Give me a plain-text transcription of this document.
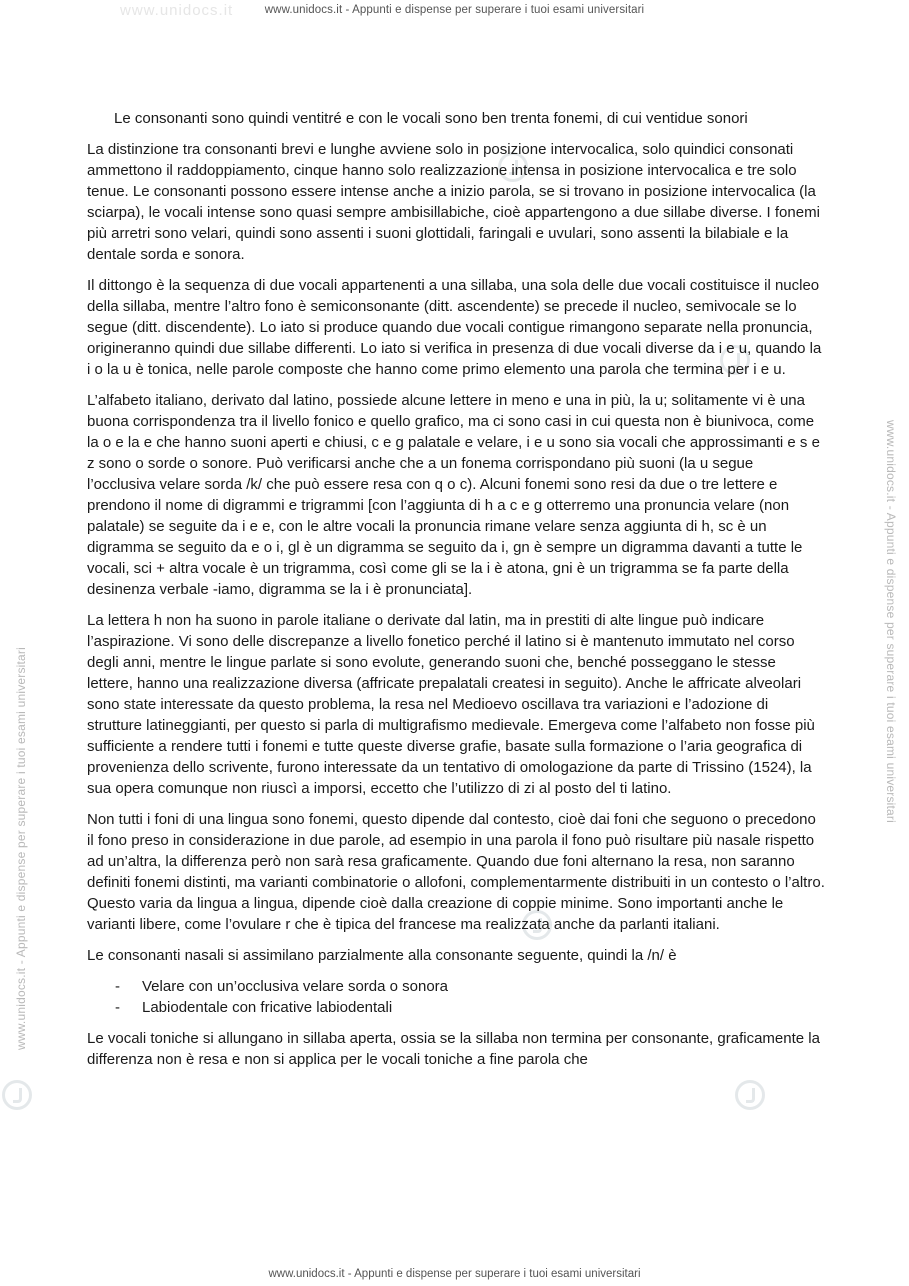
www.unidocs.it	www.unidocs.it - Appunti e dispense per superare i tuoi esami universitari
www.unidocs.it - Appunti e dispense per superare i tuoi esami universitari
www.unidocs.it - Appunti e dispense per superare i tuoi esami universitari

Le consonanti sono quindi ventitré e con le vocali sono ben trenta fonemi, di cui ventidue sonori

La distinzione tra consonanti brevi e lunghe avviene solo in posizione intervocalica, solo quindici consonati ammettono il raddoppiamento, cinque hanno solo realizzazione intensa in posizione intervocalica e tre solo tenue. Le consonanti possono essere intense anche a inizio parola, se si trovano in posizione intervocalica (la sciarpa), le vocali intense sono quasi sempre ambisillabiche, cioè appartengono a due sillabe diverse. I fonemi più arretri sono velari, quindi sono assenti i suoni glottidali, faringali e uvulari, sono assenti la bilabiale e la dentale sorda e sonora.

Il dittongo è la sequenza di due vocali appartenenti a una sillaba, una sola delle due vocali costituisce il nucleo della sillaba, mentre l’altro fono è semiconsonante (ditt. ascendente) se precede il nucleo, semivocale se lo segue (ditt. discendente). Lo iato si produce quando due vocali contigue rimangono separate nella pronuncia, origineranno quindi due sillabe differenti. Lo iato si verifica in presenza di due vocali diverse da i e u, quando la i o la u è tonica, nelle parole composte che hanno come primo elemento una parola che termina per i e u.

L’alfabeto italiano, derivato dal latino, possiede alcune lettere in meno e una in più, la u; solitamente vi è una buona corrispondenza tra il livello fonico e quello grafico, ma ci sono casi in cui questa non è biunivoca, come la o e la e che hanno suoni aperti e chiusi, c e g palatale e velare, i e u sono sia vocali che approssimanti e s e z sono o sorde o sonore. Può verificarsi anche che a un fonema corrispondano più suoni (la u segue l’occlusiva velare sorda /k/ che può essere resa con q o c). Alcuni fonemi sono resi da due o tre lettere e prendono il nome di digrammi e trigrammi [con l’aggiunta di h a c e g otterremo una pronuncia velare (non palatale) se seguite da i e e, con le altre vocali la pronuncia rimane velare senza aggiunta di h, sc è un digramma se seguito da e o i, gl è un digramma se seguito da i, gn è sempre un digramma davanti a tutte le vocali, sci + altra vocale è un trigramma, così come gli se la i è atona, gni è un trigramma se fa parte della desinenza verbale -iamo, digramma se la i è pronunciata].

La lettera h non ha suono in parole italiane o derivate dal latin, ma in prestiti di alte lingue può indicare l’aspirazione. Vi sono delle discrepanze a livello fonetico perché il latino si è mantenuto immutato nel corso degli anni, mentre le lingue parlate si sono evolute, generando suoni che, benché posseggano le stesse lettere, hanno una realizzazione diversa (affricate prepalatali createsi in seguito). Anche le affricate alveolari sono state interessate da questo problema, la resa nel Medioevo oscillava tra variazioni e l’adozione di strutture latineggianti, per questo si parla di multigrafismo medievale. Emergeva come l’alfabeto non fosse più sufficiente a rendere tutti i fonemi e tutte queste diverse grafie, basate sulla formazione o l’aria geografica di provenienza dello scrivente, furono interessate da un tentativo di omologazione da parte di Trissino (1524), la sua opera comunque non riuscì a imporsi, eccetto che l’utilizzo di zi al posto del ti latino.

Non tutti i foni di una lingua sono fonemi, questo dipende dal contesto, cioè dai foni che seguono o precedono il fono preso in considerazione in due parole, ad esempio in una parola il fono può risultare più nasale rispetto ad un’altra, la differenza però non sarà resa graficamente. Quando due foni alternano la resa, non saranno definiti fonemi distinti, ma varianti combinatorie o allofoni, complementarmente distribuiti in un contesto o l’altro. Questo varia da lingua a lingua, dipende cioè dalla creazione di coppie minime. Sono importanti anche le varianti libere, come l’ovulare r che è tipica del francese ma realizzata anche da parlanti italiani.

Le consonanti nasali si assimilano parzialmente alla consonante seguente, quindi la /n/ è

- Velare con un’occlusiva velare sorda o sonora
- Labiodentale con fricative labiodentali

Le vocali toniche si allungano in sillaba aperta, ossia se la sillaba non termina per consonante, graficamente la differenza non è resa e non si applica per le vocali toniche a fine parola che

www.unidocs.it - Appunti e dispense per superare i tuoi esami universitari
